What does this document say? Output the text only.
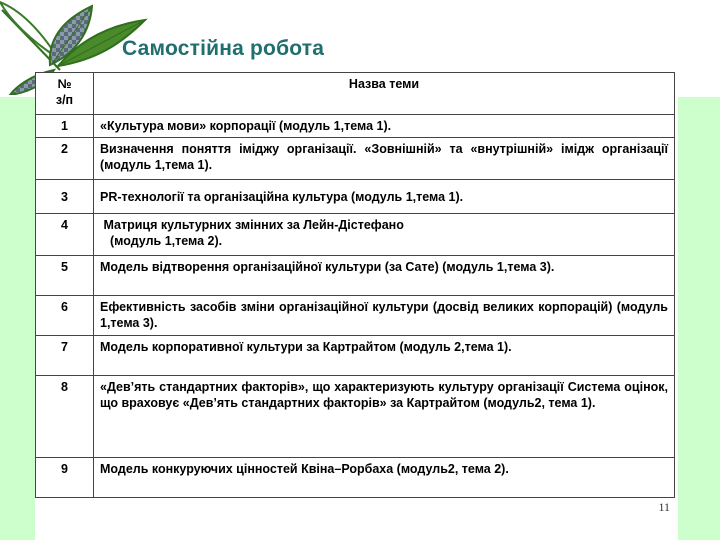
Самостійна робота
№
з/п	Назва теми
1	«Культура мови» корпорації (модуль 1,тема 1).
2	Визначення поняття іміджу організації. «Зовнішній» та «внутрішній» імідж організації (модуль 1,тема 1).
3	PR-технології та організаційна культура (модуль 1,тема 1).
4	Матриця культурних змінних за Лейн-Дістефано
(модуль 1,тема 2).

5	Модель відтворення організаційної культури (за Сате) (модуль 1,тема 3).
6	Ефективність засобів зміни організаційної культури (досвід великих корпорацій) (модуль 1,тема 3).
7	Модель корпоративної культури за Картрайтом (модуль 2,тема 1).
8	«Дев’ять стандартних факторів», що характеризують культуру організації Система оцінок, що враховує «Дев’ять стандартних факторів» за Картрайтом (модуль2, тема 1).
9	Модель конкуруючих цінностей Квіна–Рорбаха (модуль2, тема 2).
11
